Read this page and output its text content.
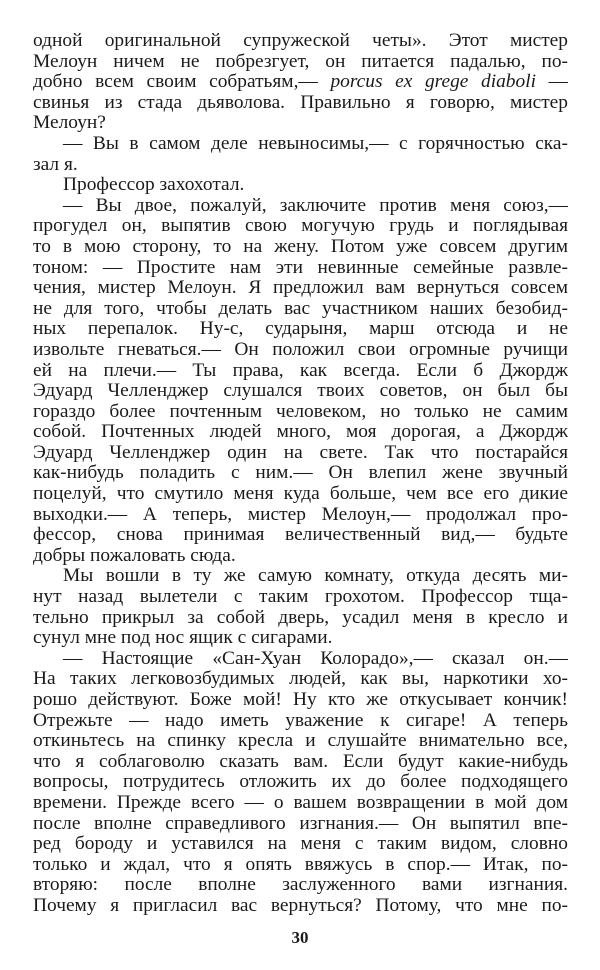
одной оригинальной супружеской четы». Этот мистер
Мелоун ничем не побрезгует, он питается падалью, по-
добно всем своим собратьям,— porcus ex grege diaboli —
свинья из стада дьяволова. Правильно я говорю, мистер
Мелоун?
— Вы в самом деле невыносимы,— с горячностью ска-
зал я.
Профессор захохотал.
— Вы двое, пожалуй, заключите против меня союз,—
прогудел он, выпятив свою могучую грудь и поглядывая
то в мою сторону, то на жену. Потом уже совсем другим
тоном: — Простите нам эти невинные семейные развле-
чения, мистер Мелоун. Я предложил вам вернуться совсем
не для того, чтобы делать вас участником наших безобид-
ных перепалок. Ну-с, сударыня, марш отсюда и не
извольте гневаться.— Он положил свои огромные ручищи
ей на плечи.— Ты права, как всегда. Если б Джордж
Эдуард Челленджер слушался твоих советов, он был бы
гораздо более почтенным человеком, но только не самим
собой. Почтенных людей много, моя дорогая, а Джордж
Эдуард Челленджер один на свете. Так что постарайся
как-нибудь поладить с ним.— Он влепил жене звучный
поцелуй, что смутило меня куда больше, чем все его дикие
выходки.— А теперь, мистер Мелоун,— продолжал про-
фессор, снова принимая величественный вид,— будьте
добры пожаловать сюда.
Мы вошли в ту же самую комнату, откуда десять ми-
нут назад вылетели с таким грохотом. Профессор тща-
тельно прикрыл за собой дверь, усадил меня в кресло и
сунул мне под нос ящик с сигарами.
— Настоящие «Сан-Хуан Колорадо»,— сказал он.—
На таких легковозбудимых людей, как вы, наркотики хо-
рошо действуют. Боже мой! Ну кто же откусывает кончик!
Отрежьте — надо иметь уважение к сигаре! А теперь
откиньтесь на спинку кресла и слушайте внимательно все,
что я соблаговолю сказать вам. Если будут какие-нибудь
вопросы, потрудитесь отложить их до более подходящего
времени. Прежде всего — о вашем возвращении в мой дом
после вполне справедливого изгнания.— Он выпятил впе-
ред бороду и уставился на меня с таким видом, словно
только и ждал, что я опять ввяжусь в спор.— Итак, по-
вторяю: после вполне заслуженного вами изгнания.
Почему я пригласил вас вернуться? Потому, что мне по-
30
